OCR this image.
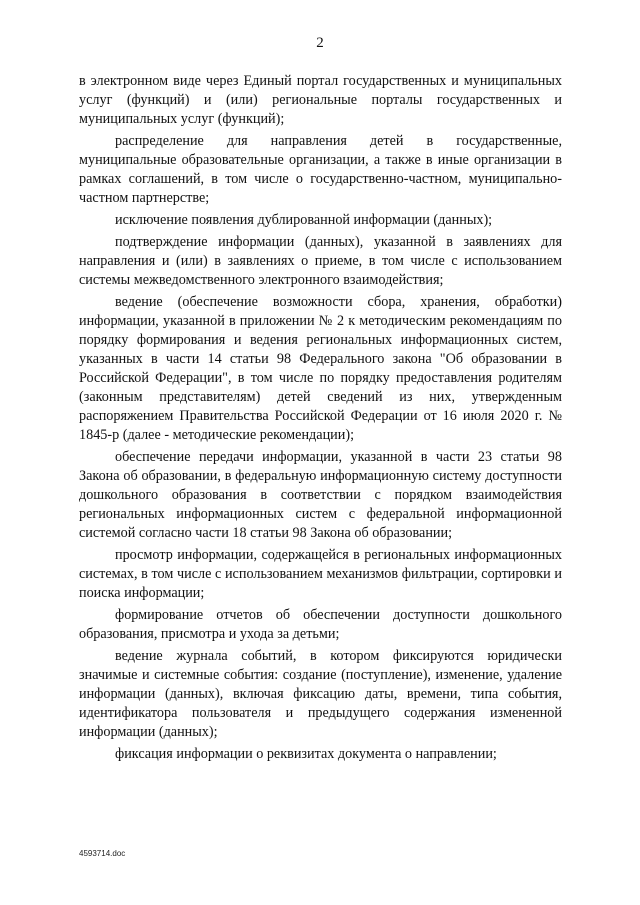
2

в электронном виде через Единый портал государственных и муниципальных услуг (функций) и (или) региональные порталы государственных и муниципальных услуг (функций);

распределение для направления детей в государственные, муниципальные образовательные организации, а также в иные организации в рамках соглашений, в том числе о государственно-частном, муниципально-частном партнерстве;

исключение появления дублированной информации (данных);

подтверждение информации (данных), указанной в заявлениях для направления и (или) в заявлениях о приеме, в том числе с использованием системы межведомственного электронного взаимодействия;

ведение (обеспечение возможности сбора, хранения, обработки) информации, указанной в приложении № 2 к методическим рекомендациям по порядку формирования и ведения региональных информационных систем, указанных в части 14 статьи 98 Федерального закона "Об образовании в Российской Федерации", в том числе по порядку предоставления родителям (законным представителям) детей сведений из них, утвержденным распоряжением Правительства Российской Федерации от 16 июля 2020 г. № 1845-р (далее - методические рекомендации);

обеспечение передачи информации, указанной в части 23 статьи 98 Закона об образовании, в федеральную информационную систему доступности дошкольного образования в соответствии с порядком взаимодействия региональных информационных систем с федеральной информационной системой согласно части 18 статьи 98 Закона об образовании;

просмотр информации, содержащейся в региональных информационных системах, в том числе с использованием механизмов фильтрации, сортировки и поиска информации;

формирование отчетов об обеспечении доступности дошкольного образования, присмотра и ухода за детьми;

ведение журнала событий, в котором фиксируются юридически значимые и системные события: создание (поступление), изменение, удаление информации (данных), включая фиксацию даты, времени, типа события, идентификатора пользователя и предыдущего содержания измененной информации (данных);

фиксация информации о реквизитах документа о направлении;

4593714.doc
